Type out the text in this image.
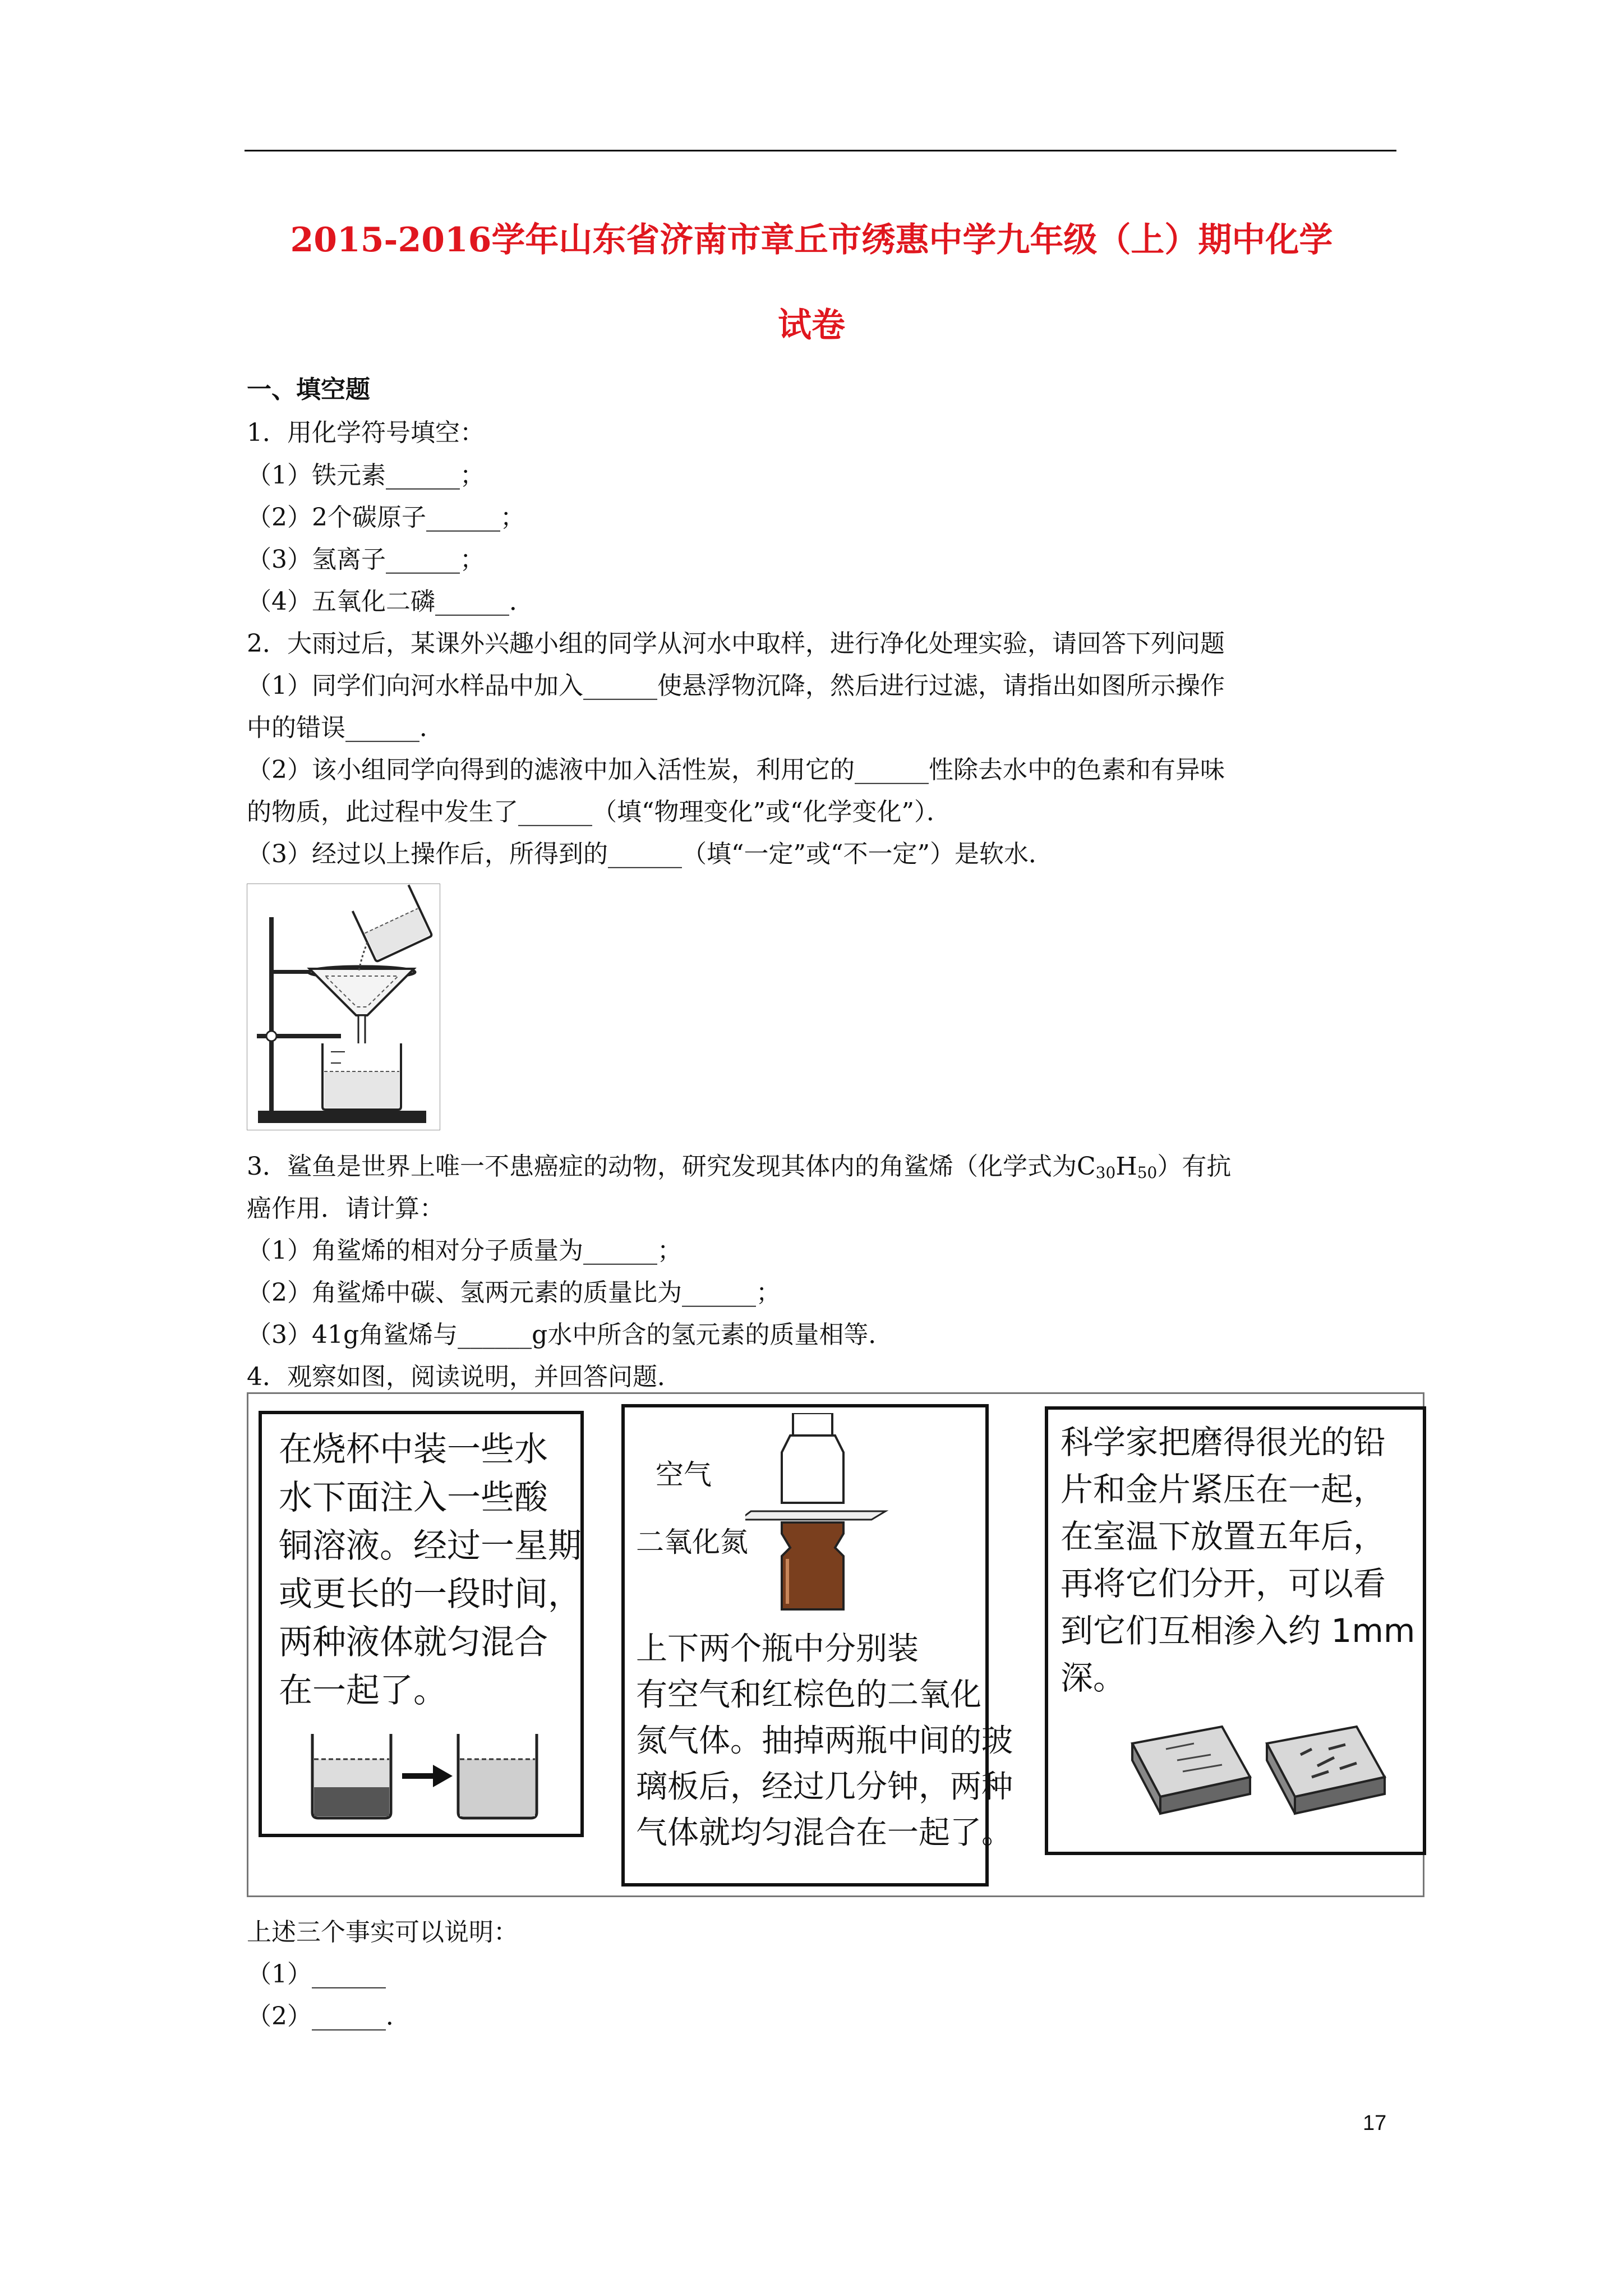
2015-2016学年山东省济南市章丘市绣惠中学九年级（上）期中化学
试卷
一、填空题
1．用化学符号填空：
（1）铁元素______；
（2）2个碳原子______；
（3）氢离子______；
（4）五氧化二磷______．
2．大雨过后，某课外兴趣小组的同学从河水中取样，进行净化处理实验，请回答下列问题
（1）同学们向河水样品中加入______使悬浮物沉降，然后进行过滤，请指出如图所示操作
中的错误______．
（2）该小组同学向得到的滤液中加入活性炭，利用它的______性除去水中的色素和有异味
的物质，此过程中发生了______（填“物理变化”或“化学变化”）．
（3）经过以上操作后，所得到的______（填“一定”或“不一定”）是软水．
3．鲨鱼是世界上唯一不患癌症的动物，研究发现其体内的角鲨烯（化学式为$C_{30}H_{50}$）有抗
癌作用．请计算：
（1）角鲨烯的相对分子质量为______；
（2）角鲨烯中碳、氢两元素的质量比为______；
（3）41g角鲨烯与______g水中所含的氢元素的质量相等．
4．观察如图，阅读说明，并回答问题．
在烧杯中装一些水
水下面注入一些酸
铜溶液。经过一星期
或更长的一段时间，
两种液体就匀混合
在一起了。
空气
二氧化氮
上下两个瓶中分别装
有空气和红棕色的二氧化
氮气体。抽掉两瓶中间的玻
璃板后，经过几分钟，两种
气体就均匀混合在一起了。
科学家把磨得很光的铅
片和金片紧压在一起，
在室温下放置五年后，
再将它们分开，可以看
到它们互相渗入约 1mm
深。
上述三个事实可以说明：
（1）______
（2）______．
17
